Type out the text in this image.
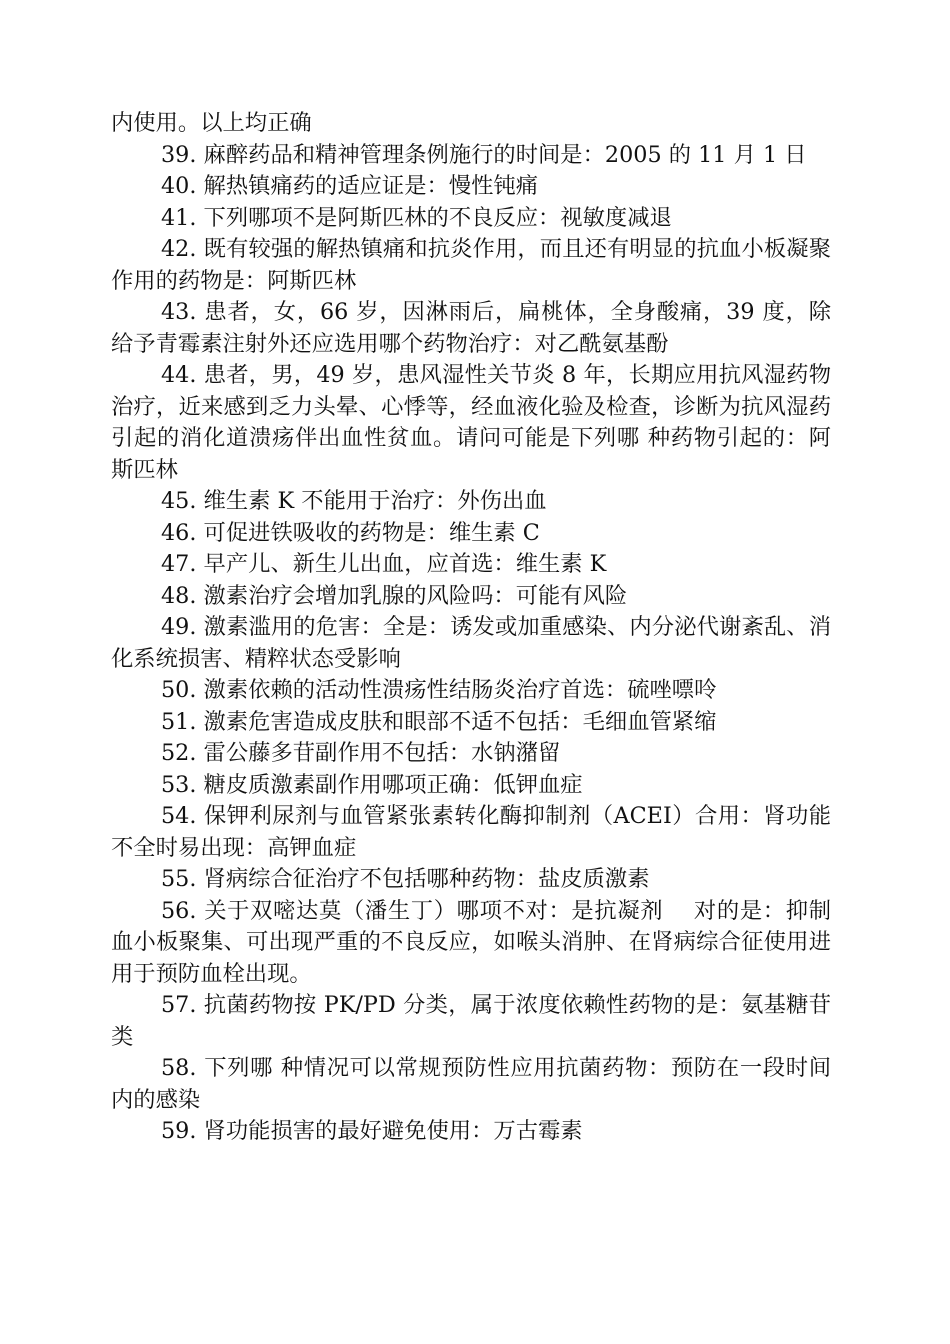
内使用。以上均正确

39. 麻醉药品和精神管理条例施行的时间是：2005 的 11 月 1 日

40. 解热镇痛药的适应证是：慢性钝痛

41. 下列哪项不是阿斯匹林的不良反应：视敏度减退

42. 既有较强的解热镇痛和抗炎作用，而且还有明显的抗血小板凝聚作用的药物是：阿斯匹林

43. 患者，女，66 岁，因淋雨后，扁桃体，全身酸痛，39 度，除给予青霉素注射外还应选用哪个药物治疗：对乙酰氨基酚

44. 患者，男，49 岁，患风湿性关节炎 8 年，长期应用抗风湿药物治疗，近来感到乏力头晕、心悸等，经血液化验及检查，诊断为抗风湿药引起的消化道溃疡伴出血性贫血。请问可能是下列哪 种药物引起的：阿斯匹林

45. 维生素 K 不能用于治疗：外伤出血

46. 可促进铁吸收的药物是：维生素 C

47. 早产儿、新生儿出血，应首选：维生素 K

48. 激素治疗会增加乳腺的风险吗：可能有风险

49. 激素滥用的危害：全是：诱发或加重感染、内分泌代谢紊乱、消化系统损害、精粹状态受影响

50. 激素依赖的活动性溃疡性结肠炎治疗首选：硫唑嘌呤

51. 激素危害造成皮肤和眼部不适不包括：毛细血管紧缩

52. 雷公藤多苷副作用不包括：水钠潴留

53. 糖皮质激素副作用哪项正确：低钾血症

54. 保钾利尿剂与血管紧张素转化酶抑制剂（ACEI）合用：肾功能不全时易出现：高钾血症

55. 肾病综合征治疗不包括哪种药物：盐皮质激素

56. 关于双嘧达莫（潘生丁）哪项不对：是抗凝剂　 对的是：抑制血小板聚集、可出现严重的不良反应，如喉头消肿、在肾病综合征使用进用于预防血栓出现。

57. 抗菌药物按 PK/PD 分类，属于浓度依赖性药物的是：氨基糖苷类

58. 下列哪 种情况可以常规预防性应用抗菌药物：预防在一段时间内的感染

59. 肾功能损害的最好避免使用：万古霉素
